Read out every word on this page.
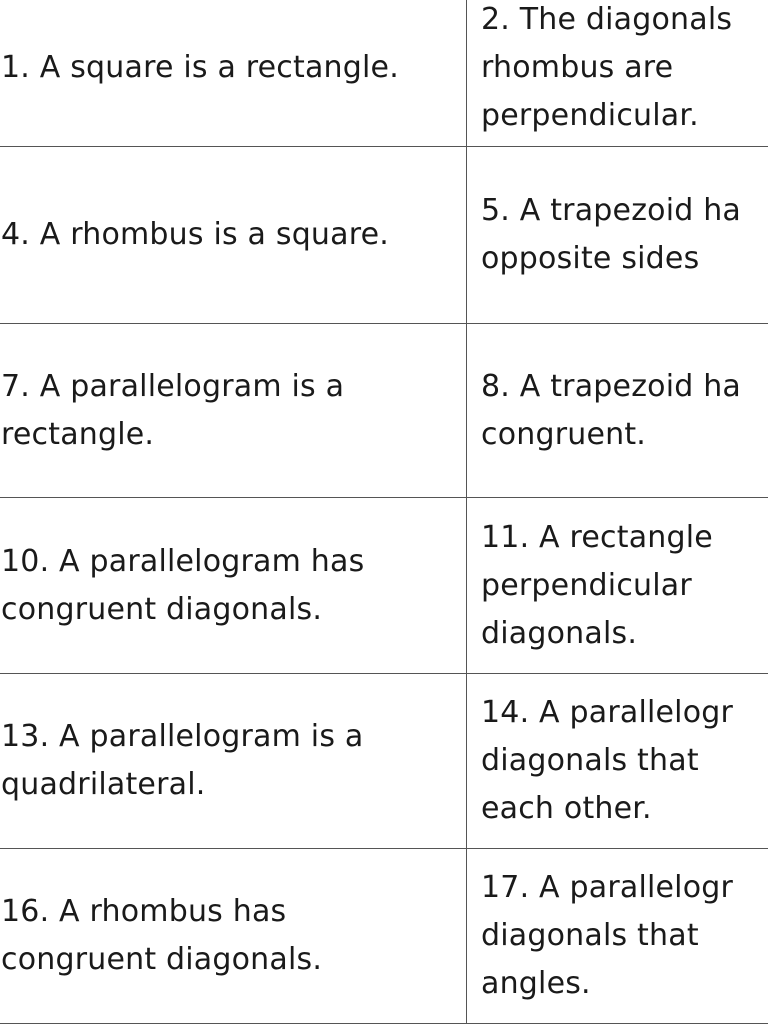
1. A square is a rectangle.	2. The diagonals
rhombus are
perpendicular.

4. A rhombus is a square.	5. A trapezoid ha
opposite sides

7. A parallelogram is a
rectangle.	8. A trapezoid ha
congruent.

10. A parallelogram has
congruent diagonals.	11. A rectangle
perpendicular
diagonals.

13. A parallelogram is a
quadrilateral.	14. A parallelogr
diagonals that
each other.

16. A rhombus has
congruent diagonals.	17. A parallelogr
diagonals that
angles.
